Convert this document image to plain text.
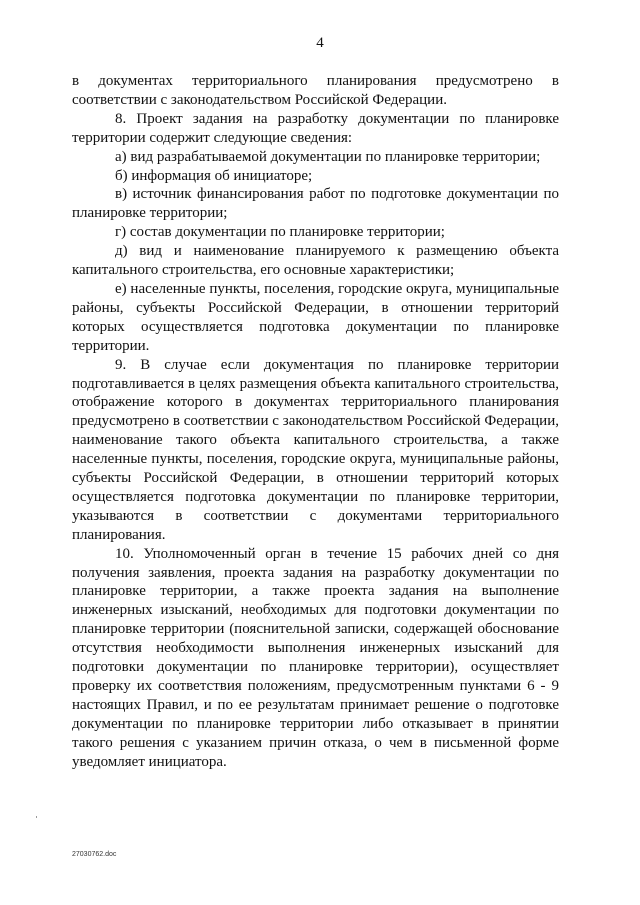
4

в документах территориального планирования предусмотрено в соответствии с законодательством Российской Федерации.

8. Проект задания на разработку документации по планировке территории содержит следующие сведения:

а) вид разрабатываемой документации по планировке территории;

б) информация об инициаторе;

в) источник финансирования работ по подготовке документации по планировке территории;

г) состав документации по планировке территории;

д) вид и наименование планируемого к размещению объекта капитального строительства, его основные характеристики;

е) населенные пункты, поселения, городские округа, муниципальные районы, субъекты Российской Федерации, в отношении территорий которых осуществляется подготовка документации по планировке территории.

9. В случае если документация по планировке территории подготавливается в целях размещения объекта капитального строительства, отображение которого в документах территориального планирования предусмотрено в соответствии с законодательством Российской Федерации, наименование такого объекта капитального строительства, а также населенные пункты, поселения, городские округа, муниципальные районы, субъекты Российской Федерации, в отношении территорий которых осуществляется подготовка документации по планировке территории, указываются в соответствии с документами территориального планирования.

10. Уполномоченный орган в течение 15 рабочих дней со дня получения заявления, проекта задания на разработку документации по планировке территории, а также проекта задания на выполнение инженерных изысканий, необходимых для подготовки документации по планировке территории (пояснительной записки, содержащей обоснование отсутствия необходимости выполнения инженерных изысканий для подготовки документации по планировке территории), осуществляет проверку их соответствия положениям, предусмотренным пунктами 6 - 9 настоящих Правил, и по ее результатам принимает решение о подготовке документации по планировке территории либо отказывает в принятии такого решения с указанием причин отказа, о чем в письменной форме уведомляет инициатора.

27030762.doc
